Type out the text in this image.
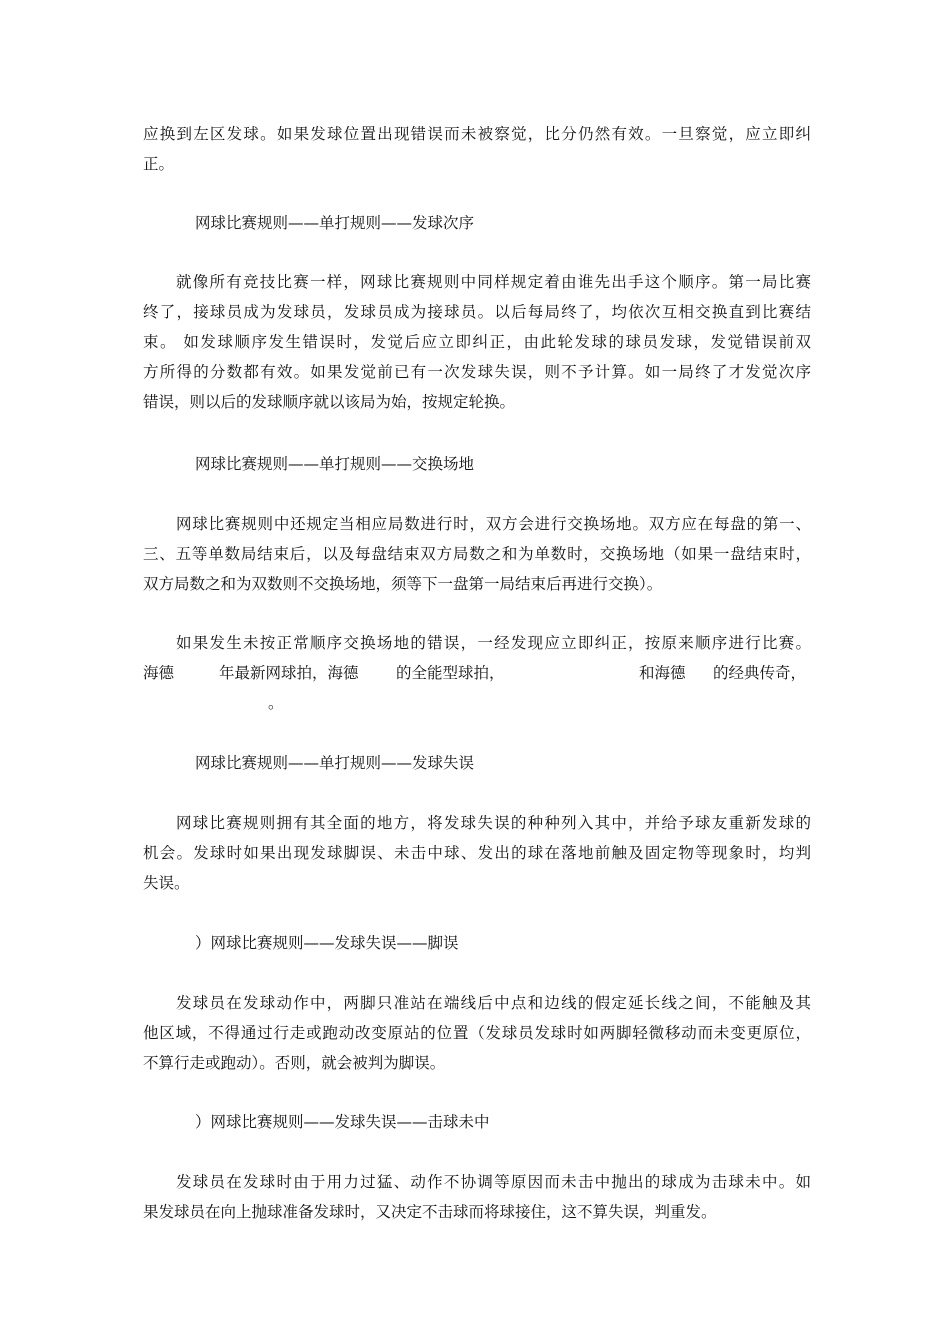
应换到左区发球。如果发球位置出现错误而未被察觉，比分仍然有效。一旦察觉，应立即纠
正。
网球比赛规则——单打规则——发球次序
就像所有竞技比赛一样，网球比赛规则中同样规定着由谁先出手这个顺序。第一局比赛
终了，接球员成为发球员，发球员成为接球员。以后每局终了，均依次互相交换直到比赛结
束。 如发球顺序发生错误时，发觉后应立即纠正，由此轮发球的球员发球，发觉错误前双
方所得的分数都有效。如果发觉前已有一次发球失误，则不予计算。如一局终了才发觉次序
错误，则以后的发球顺序就以该局为始，按规定轮换。
网球比赛规则——单打规则——交换场地
网球比赛规则中还规定当相应局数进行时，双方会进行交换场地。双方应在每盘的第一、
三、五等单数局结束后，以及每盘结束双方局数之和为单数时，交换场地（如果一盘结束时，
双方局数之和为双数则不交换场地，须等下一盘第一局结束后再进行交换）。
如果发生未按正常顺序交换场地的错误，一经发现应立即纠正，按原来顺序进行比赛。
海德	年最新网球拍，海德 的全能型球拍，	和海德 的经典传奇，
。
网球比赛规则——单打规则——发球失误
网球比赛规则拥有其全面的地方，将发球失误的种种列入其中，并给予球友重新发球的
机会。发球时如果出现发球脚误、未击中球、发出的球在落地前触及固定物等现象时，均判
失误。
）网球比赛规则——发球失误——脚误
发球员在发球动作中，两脚只准站在端线后中点和边线的假定延长线之间，不能触及其
他区域，不得通过行走或跑动改变原站的位置（发球员发球时如两脚轻微移动而未变更原位，
不算行走或跑动）。否则，就会被判为脚误。
）网球比赛规则——发球失误——击球未中
发球员在发球时由于用力过猛、动作不协调等原因而未击中抛出的球成为击球未中。如
果发球员在向上抛球准备发球时，又决定不击球而将球接住，这不算失误，判重发。
